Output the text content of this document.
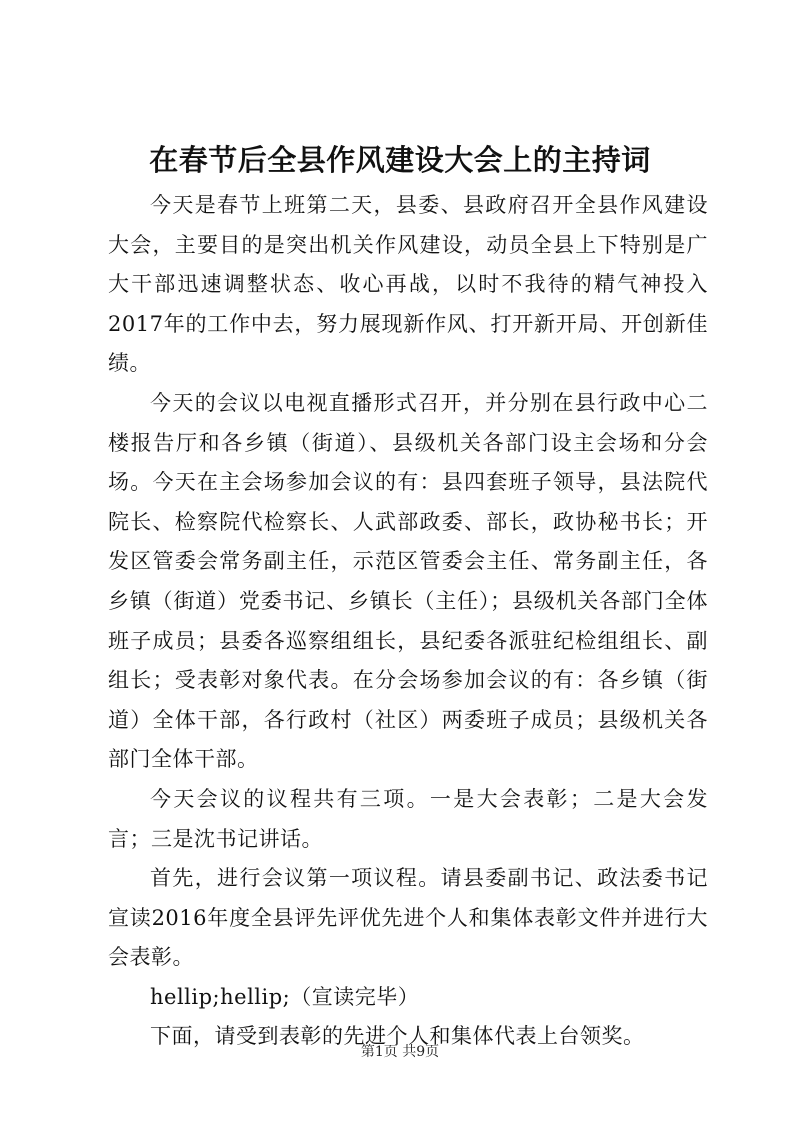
在春节后全县作风建设大会上的主持词

今天是春节上班第二天，县委、县政府召开全县作风建设大会，主要目的是突出机关作风建设，动员全县上下特别是广大干部迅速调整状态、收心再战，以时不我待的精气神投入2017年的工作中去，努力展现新作风、打开新开局、开创新佳绩。

今天的会议以电视直播形式召开，并分别在县行政中心二楼报告厅和各乡镇（街道）、县级机关各部门设主会场和分会场。今天在主会场参加会议的有：县四套班子领导，县法院代院长、检察院代检察长、人武部政委、部长，政协秘书长；开发区管委会常务副主任，示范区管委会主任、常务副主任，各乡镇（街道）党委书记、乡镇长（主任）；县级机关各部门全体班子成员；县委各巡察组组长，县纪委各派驻纪检组组长、副组长；受表彰对象代表。在分会场参加会议的有：各乡镇（街道）全体干部，各行政村（社区）两委班子成员；县级机关各部门全体干部。

今天会议的议程共有三项。一是大会表彰；二是大会发言；三是沈书记讲话。

首先，进行会议第一项议程。请县委副书记、政法委书记宣读2016年度全县评先评优先进个人和集体表彰文件并进行大会表彰。

hellip;hellip;（宣读完毕）

下面，请受到表彰的先进个人和集体代表上台领奖。

第1页 共9页
